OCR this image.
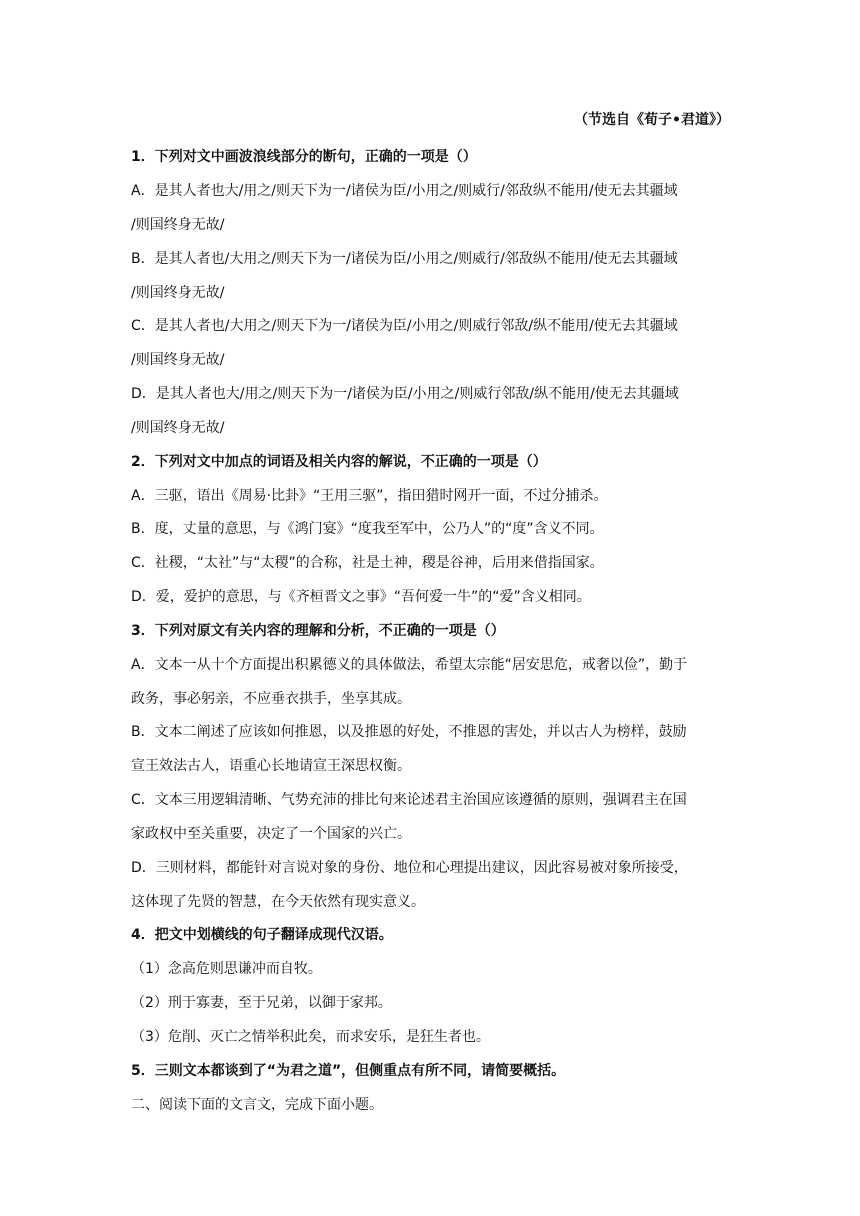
（节选自《荀子•君道》）
1．下列对文中画波浪线部分的断句，正确的一项是（）
A．是其人者也大/用之/则天下为一/诸侯为臣/小用之/则威行/邻敌纵不能用/使无去其疆域
/则国终身无故/
B．是其人者也/大用之/则天下为一/诸侯为臣/小用之/则威行/邻敌纵不能用/使无去其疆域
/则国终身无故/
C．是其人者也/大用之/则天下为一/诸侯为臣/小用之/则威行邻敌/纵不能用/使无去其疆域
/则国终身无故/
D．是其人者也大/用之/则天下为一/诸侯为臣/小用之/则威行邻敌/纵不能用/使无去其疆域
/则国终身无故/
2．下列对文中加点的词语及相关内容的解说，不正确的一项是（）
A．三驱，语出《周易·比卦》“王用三驱”，指田猎时网开一面，不过分捕杀。
B．度，丈量的意思，与《鸿门宴》“度我至军中，公乃人”的“度”含义不同。
C．社稷，“太社”与“太稷”的合称，社是土神，稷是谷神，后用来借指国家。
D．爱，爱护的意思，与《齐桓晋文之事》“吾何爱一牛”的“爱”含义相同。
3．下列对原文有关内容的理解和分析，不正确的一项是（）
A．文本一从十个方面提出积累德义的具体做法，希望太宗能“居安思危，戒奢以俭”，勤于
政务，事必躬亲，不应垂衣拱手，坐享其成。
B．文本二阐述了应该如何推恩，以及推恩的好处，不推恩的害处，并以古人为榜样，鼓励
宣王效法古人，语重心长地请宣王深思权衡。
C．文本三用逻辑清晰、气势充沛的排比句来论述君主治国应该遵循的原则，强调君主在国
家政权中至关重要，决定了一个国家的兴亡。
D．三则材料，都能针对言说对象的身份、地位和心理提出建议，因此容易被对象所接受，
这体现了先贤的智慧，在今天依然有现实意义。
4．把文中划横线的句子翻译成现代汉语。
（1）念高危则思谦冲而自牧。
（2）刑于寡妻，至于兄弟，以御于家邦。
（3）危削、灭亡之情举积此矣，而求安乐，是狂生者也。
5．三则文本都谈到了“为君之道”，但侧重点有所不同，请简要概括。
二、阅读下面的文言文，完成下面小题。
